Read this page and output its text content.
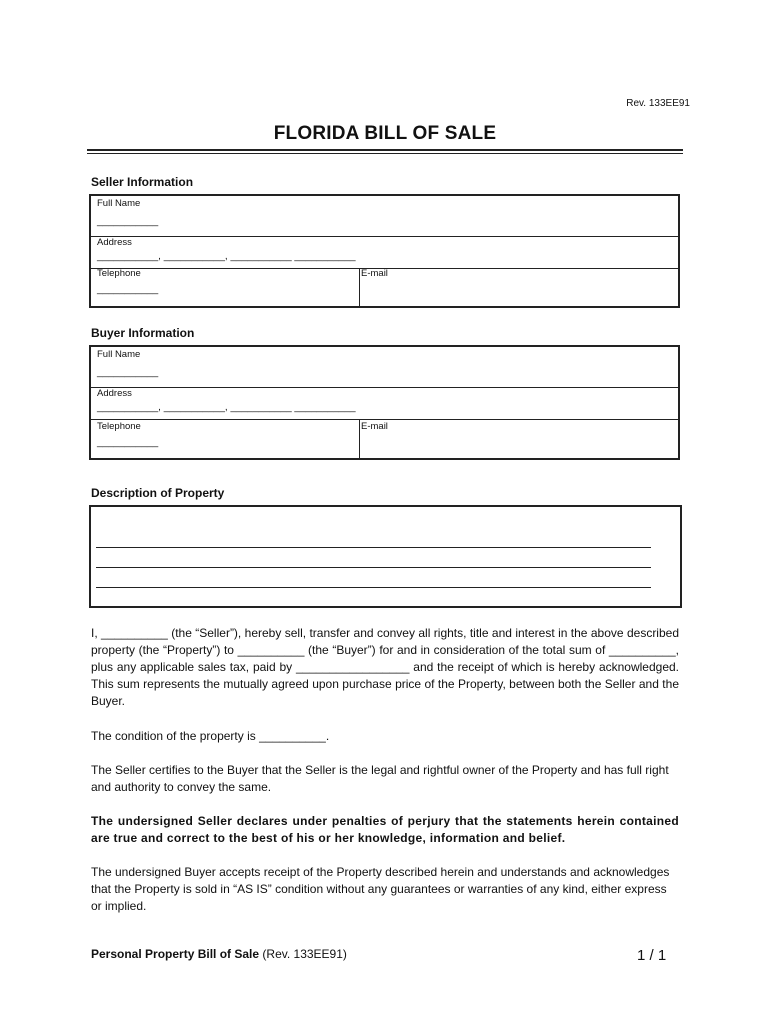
Rev. 133EE91
FLORIDA BILL OF SALE
Seller Information
Full Name
___________
Address
___________, ___________, ___________ ___________
Telephone
___________
E-mail
Buyer Information
Full Name
___________
Address
___________, ___________, ___________ ___________
Telephone
___________
E-mail
Description of Property
I, __________ (the “Seller”), hereby sell, transfer and convey all rights, title and interest in the above described property (the “Property”) to __________ (the “Buyer”) for and in consideration of the total sum of __________, plus any applicable sales tax, paid by _________________ and the receipt of which is hereby acknowledged. This sum represents the mutually agreed upon purchase price of the Property, between both the Seller and the Buyer.
The condition of the property is __________.
The Seller certifies to the Buyer that the Seller is the legal and rightful owner of the Property and has full right and authority to convey the same.
The undersigned Seller declares under penalties of perjury that the statements herein contained are true and correct to the best of his or her knowledge, information and belief.
The undersigned Buyer accepts receipt of the Property described herein and understands and acknowledges that the Property is sold in “AS IS” condition without any guarantees or warranties of any kind, either express or implied.
Personal Property Bill of Sale (Rev. 133EE91)	1 / 1
